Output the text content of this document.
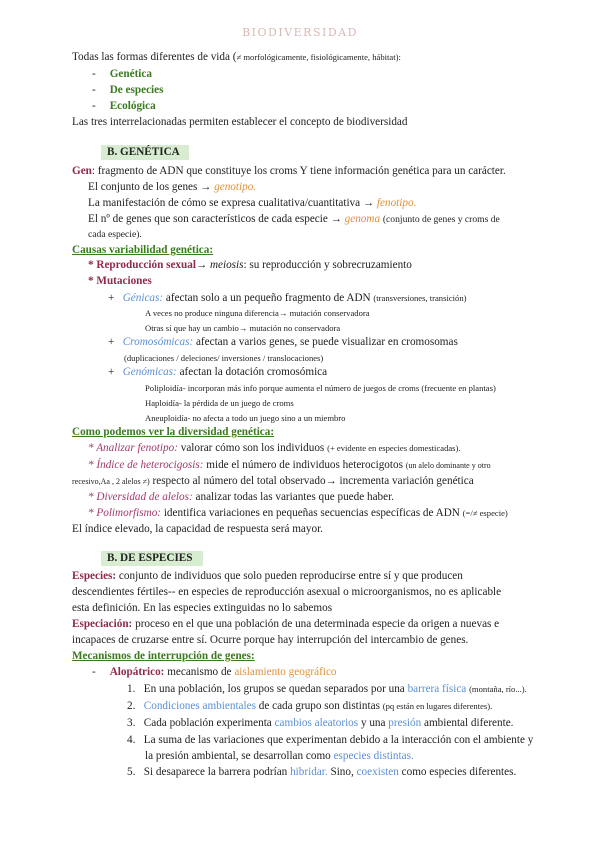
BIODIVERSIDAD
Todas las formas diferentes de vida (≠ morfológicamente, fisiológicamente, hábitat):
-     Genética
-     De especies
-     Ecológica
Las tres interrelacionadas permiten establecer el concepto de biodiversidad
B. GENÉTICA
Gen: fragmento de ADN que constituye los croms Y tiene información genética para un carácter.
El conjunto de los genes → genotipo.
La manifestación de cómo se expresa cualitativa/cuantitativa → fenotipo.
El nº de genes que son característicos de cada especie → genoma (conjunto de genes y croms de
cada especie).
Causas variabilidad genética:
* Reproducción sexual→ meiosis: su reproducción y sobrecruzamiento
* Mutaciones
+ Génicas: afectan solo a un pequeño fragmento de ADN (transversiones, transición)
A veces no produce ninguna diferencia→ mutación conservadora
Otras sí que hay un cambio→ mutación no conservadora
+ Cromosómicas: afectan a varios genes, se puede visualizar en cromosomas
(duplicaciones / deleciones/ inversiones / translocaciones)
+ Genómicas: afectan la dotación cromosómica
Poliploidía- incorporan más info porque aumenta el número de juegos de croms (frecuente en plantas)
Haploidía- la pérdida de un juego de croms
Aneuploidía- no afecta a todo un juego sino a un miembro
Como podemos ver la diversidad genética:
* Analizar fenotipo: valorar cómo son los individuos (+ evidente en especies domesticadas).
* Índice de heterocigosis: mide el número de individuos heterocigotos (un alelo dominante y otro
recesivo,Aa , 2 alelos ≠) respecto al número del total observado→ incrementa variación genética
* Diversidad de alelos: analizar todas las variantes que puede haber.
* Polimorfismo: identifica variaciones en pequeñas secuencias específicas de ADN (=/≠ especie)
El índice elevado, la capacidad de respuesta será mayor.
B. DE ESPECIES
Especies: conjunto de individuos que solo pueden reproducirse entre sí y que producen
descendientes fértiles-- en especies de reproducción asexual o microorganismos, no es aplicable
esta definición. En las especies extinguidas no lo sabemos
Especiación: proceso en el que una población de una determinada especie da origen a nuevas e
incapaces de cruzarse entre sí. Ocurre porque hay interrupción del intercambio de genes.
Mecanismos de interrupción de genes:
- Alopátrico: mecanismo de aislamiento geográfico
1. En una población, los grupos se quedan separados por una barrera física (montaña, río...).
2. Condiciones ambientales de cada grupo son distintas (pq están en lugares diferentes).
3. Cada población experimenta cambios aleatorios y una presión ambiental diferente.
4. La suma de las variaciones que experimentan debido a la interacción con el ambiente y
la presión ambiental, se desarrollan como especies distintas.
5. Si desaparece la barrera podrían hibridar. Sino, coexisten como especies diferentes.
